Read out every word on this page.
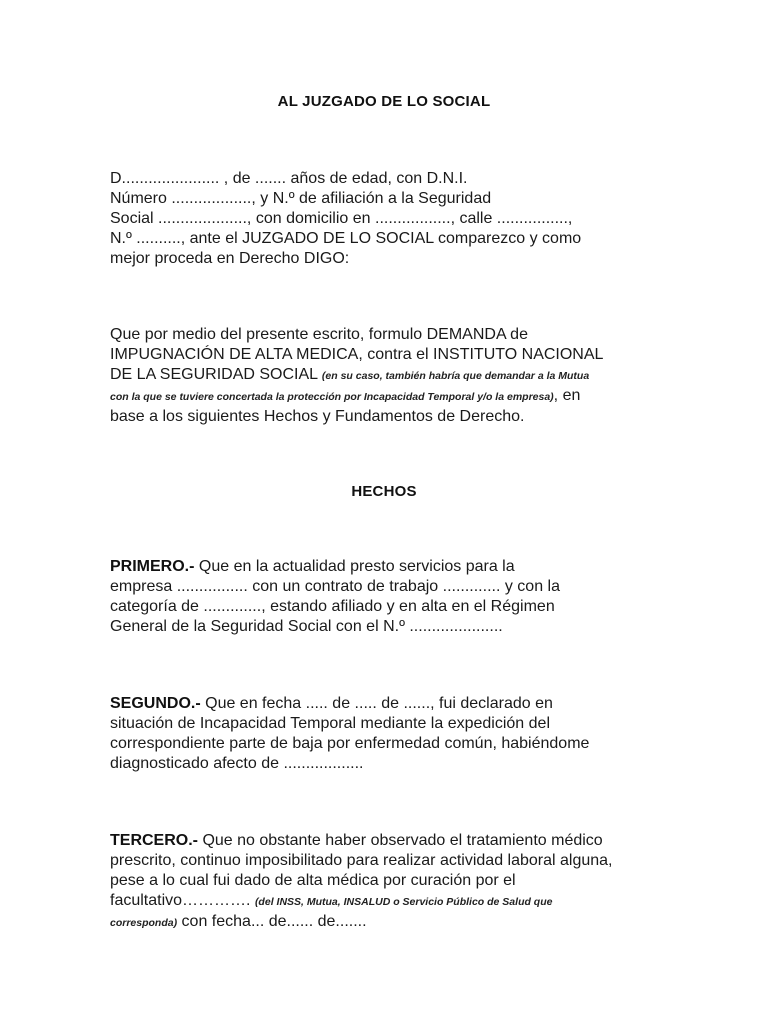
AL JUZGADO DE LO SOCIAL
D...................... , de ....... años de edad, con D.N.I.
Número .................., y N.º de afiliación a la Seguridad
Social ...................., con domicilio en ................., calle ................,
N.º .........., ante el JUZGADO DE LO SOCIAL comparezco y como
mejor proceda en Derecho DIGO:
Que por medio del presente escrito, formulo DEMANDA de
IMPUGNACIÓN DE ALTA MEDICA, contra el INSTITUTO NACIONAL
DE LA SEGURIDAD SOCIAL (en su caso, también habría que demandar a la Mutua
con la que se tuviere concertada la protección por Incapacidad Temporal y/o la empresa), en
base a los siguientes Hechos y Fundamentos de Derecho.
HECHOS
PRIMERO.- Que en la actualidad presto servicios para la
empresa ................ con un contrato de trabajo ............. y con la
categoría de ............., estando afiliado y en alta en el Régimen
General de la Seguridad Social con el N.º .....................
SEGUNDO.- Que en fecha ..... de ..... de ......, fui declarado en
situación de Incapacidad Temporal mediante la expedición del
correspondiente parte de baja por enfermedad común, habiéndome
diagnosticado afecto de ..................
TERCERO.- Que no obstante haber observado el tratamiento médico
prescrito, continuo imposibilitado para realizar actividad laboral alguna,
pese a lo cual fui dado de alta médica por curación por el
facultativo…………. (del INSS, Mutua, INSALUD o Servicio Público de Salud que
corresponda) con fecha... de...... de.......
